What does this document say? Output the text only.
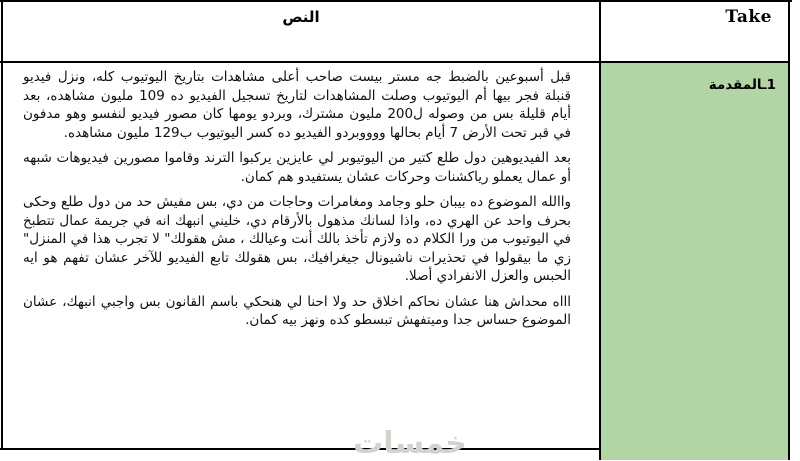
النص	Take
خمسات

قبل أسبوعين بالضبط جه مستر بيست صاحب أعلى مشاهدات بتاريخ اليوتيوب كله، ونزل فيديو قنبلة فجر بيها أم اليوتيوب وصلت المشاهدات لتاريخ تسجيل الفيديو ده 109 مليون مشاهده، بعد أيام قليلة بس من وصوله ل200 مليون مشترك، وبردو يومها كان مصور فيديو لنفسو وهو مدفون في قبر تحت الأرض 7 أيام بحالها ووووبردو الفيديو ده كسر اليوتيوب ب129 مليون مشاهده.

بعد الفيديوهين دول طلع كتير من اليوتيوبر لي عايزين يركبوا الترند وقاموا مصورين فيديوهات شبهه أو عمال يعملو رياكشنات وحركات عشان يستفيدو هم كمان.

واالله الموضوع ده بيبان حلو وجامد ومغامرات وحاجات من دي، بس مفيش حد من دول طلع وحكى بحرف واحد عن الهري ده، واذا لسانك مذهول بالأرقام دي، خليني انبهك انه في جريمة عمال تتطبخ في اليوتيوب من ورا الكلام ده ولازم تأخذ بالك أنت وعيالك ، مش هقولك" لا تجرب هذا في المنزل" زي ما بيقولوا في تحذيرات ناشيونال جيغرافيك، بس هقولك تابع الفيديو للآخر عشان تفهم هو ايه الحبس والعزل الانفرادي أصلا.

اااه محداش هنا عشان نحاكم اخلاق حد ولا احنا لي هنحكي باسم القانون بس واجبي انبهك، عشان الموضوع حساس جدا وميتفهش تبسطو كده ونهز بيه كمان.

1ـالمقدمة
